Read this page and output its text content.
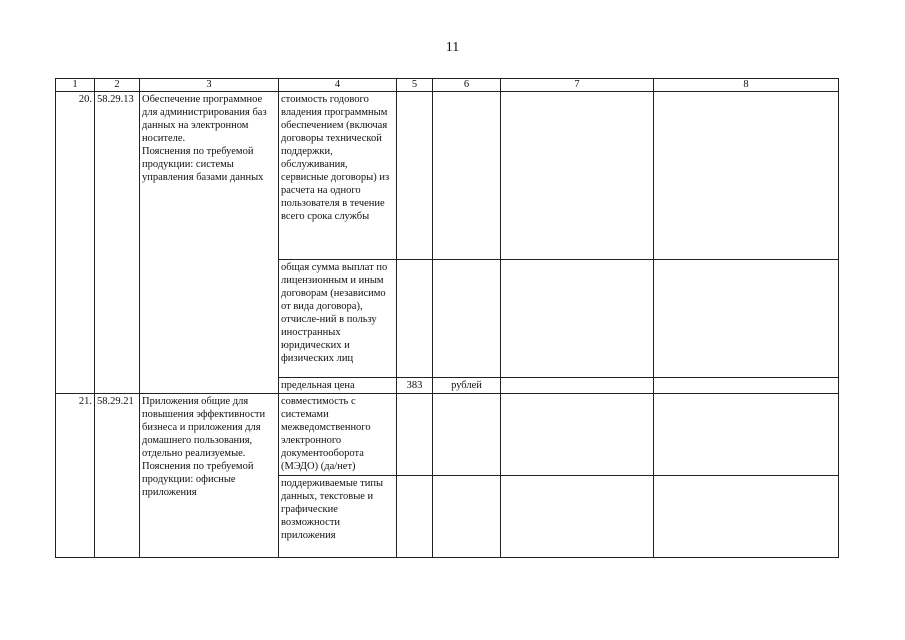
11
1	2	3	4	5	6	7	8
20.	58.29.13	Обеспечение программное для администрирования баз данных на электронном носителе.
Пояснения по требуемой продукции: системы управления базами данных	стоимость годового владения программным обеспечением (включая договоры технической поддержки, обслуживания, сервисные договоры) из расчета на одного пользователя в течение всего срока службы				
			общая сумма выплат по лицензионным и иным договорам (независимо от вида договора), отчисле-ний в пользу иностранных юридических и физических лиц				
			предельная цена	383	рублей		
21.	58.29.21	Приложения общие для повышения эффективности бизнеса и приложения для домашнего пользования, отдельно реализуемые.
Пояснения по требуемой продукции: офисные приложения	совместимость с системами межведомственного электронного документооборота (МЭДО) (да/нет)				
			поддерживаемые типы данных, текстовые и графические возможности приложения				
